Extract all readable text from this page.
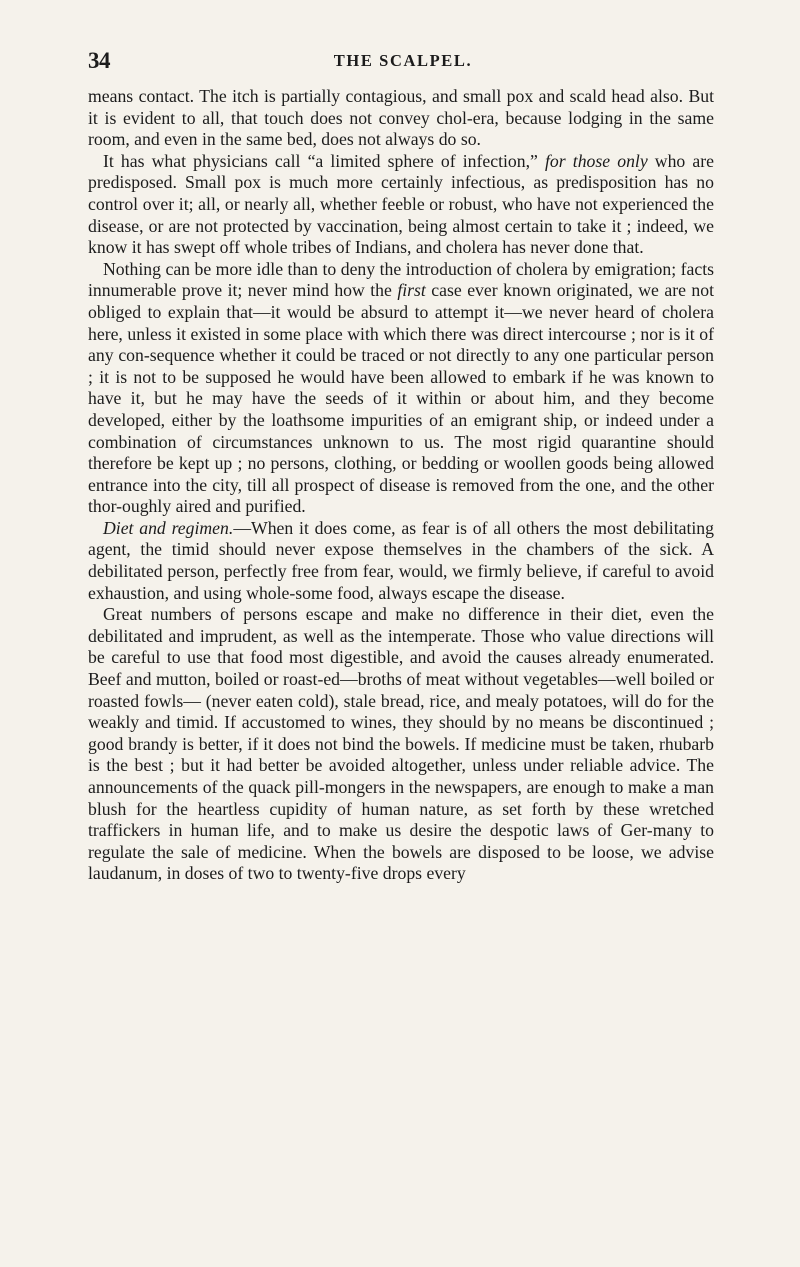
34	THE SCALPEL.

means contact. The itch is partially contagious, and small pox and scald head also. But it is evident to all, that touch does not convey chol-era, because lodging in the same room, and even in the same bed, does not always do so.

It has what physicians call “a limited sphere of infection,” for those only who are predisposed. Small pox is much more certainly infectious, as predisposition has no control over it; all, or nearly all, whether feeble or robust, who have not experienced the disease, or are not protected by vaccination, being almost certain to take it ; indeed, we know it has swept off whole tribes of Indians, and cholera has never done that.

Nothing can be more idle than to deny the introduction of cholera by emigration; facts innumerable prove it; never mind how the first case ever known originated, we are not obliged to explain that—it would be absurd to attempt it—we never heard of cholera here, unless it existed in some place with which there was direct intercourse ; nor is it of any con-sequence whether it could be traced or not directly to any one particular person ; it is not to be supposed he would have been allowed to embark if he was known to have it, but he may have the seeds of it within or about him, and they become developed, either by the loathsome impurities of an emigrant ship, or indeed under a combination of circumstances unknown to us. The most rigid quarantine should therefore be kept up ; no persons, clothing, or bedding or woollen goods being allowed entrance into the city, till all prospect of disease is removed from the one, and the other thor-oughly aired and purified.

Diet and regimen.—When it does come, as fear is of all others the most debilitating agent, the timid should never expose themselves in the chambers of the sick. A debilitated person, perfectly free from fear, would, we firmly believe, if careful to avoid exhaustion, and using whole-some food, always escape the disease.

Great numbers of persons escape and make no difference in their diet, even the debilitated and imprudent, as well as the intemperate. Those who value directions will be careful to use that food most digestible, and avoid the causes already enumerated. Beef and mutton, boiled or roast-ed—broths of meat without vegetables—well boiled or roasted fowls— (never eaten cold), stale bread, rice, and mealy potatoes, will do for the weakly and timid. If accustomed to wines, they should by no means be discontinued ; good brandy is better, if it does not bind the bowels. If medicine must be taken, rhubarb is the best ; but it had better be avoided altogether, unless under reliable advice. The announcements of the quack pill-mongers in the newspapers, are enough to make a man blush for the heartless cupidity of human nature, as set forth by these wretched traffickers in human life, and to make us desire the despotic laws of Ger-many to regulate the sale of medicine. When the bowels are disposed to be loose, we advise laudanum, in doses of two to twenty-five drops every
